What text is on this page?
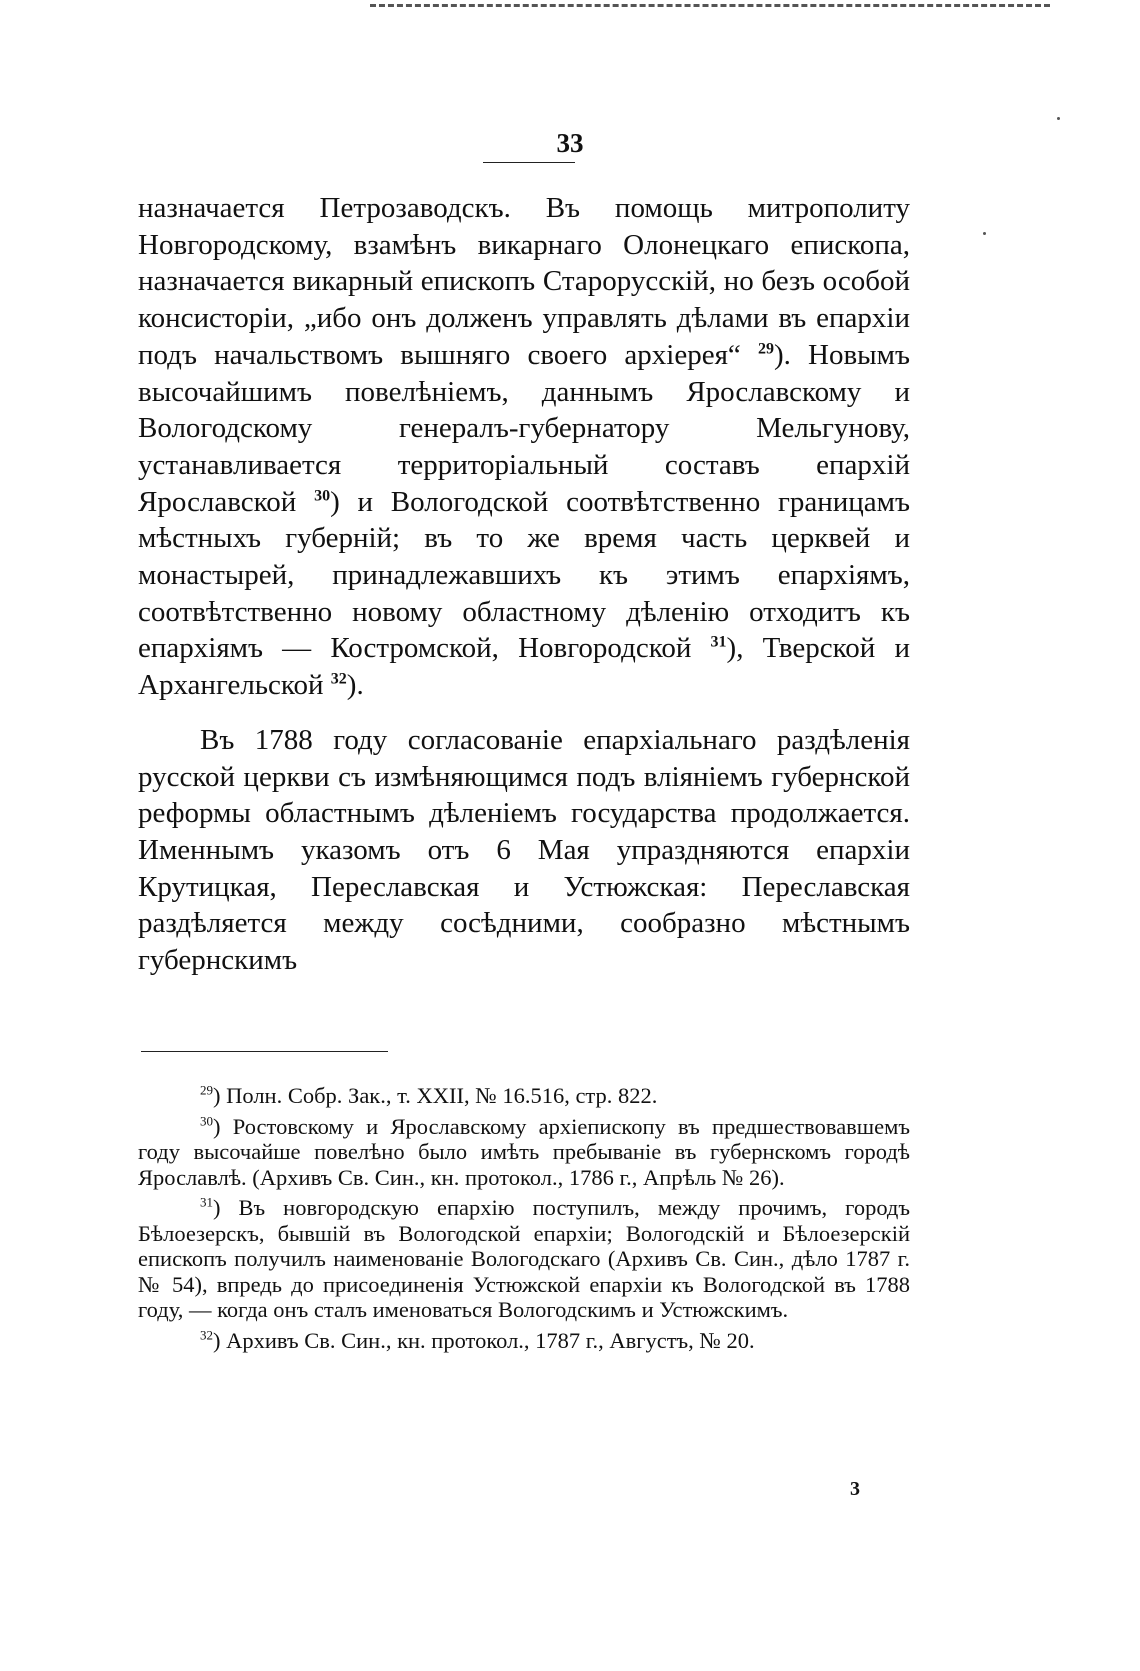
33

назначается Петрозаводскъ. Въ помощь митрополиту Новгородскому, взамѣнъ викарнаго Олонецкаго епископа, назначается викарный епископъ Старорусскій, но безъ особой консисторіи, „ибо онъ долженъ управлять дѣлами въ епархіи подъ начальствомъ вышняго своего архіерея“ $^{29}$). Новымъ высочайшимъ повелѣніемъ, даннымъ Ярославскому и Вологодскому генералъ-губернатору Мельгунову, устанавливается территоріальный составъ епархій Ярославской $^{30}$) и Вологодской соотвѣтственно границамъ мѣстныхъ губерній; въ то же время часть церквей и монастырей, принадлежавшихъ къ этимъ епархіямъ, соотвѣтственно новому областному дѣленію отходитъ къ епархіямъ — Костромской, Новгородской $^{31}$), Тверской и Архангельской $^{32}$).

Въ 1788 году согласованіе епархіальнаго раздѣленія русской церкви съ измѣняющимся подъ вліяніемъ губернской реформы областнымъ дѣленіемъ государства продолжается. Именнымъ указомъ отъ 6 Мая упраздняются епархіи Крутицкая, Переславская и Устюжская: Переславская раздѣляется между сосѣдними, сообразно мѣстнымъ губернскимъ

$^{29}$) Полн. Собр. Зак., т. XXII, № 16.516, стр. 822.

$^{30}$) Ростовскому и Ярославскому архіепископу въ предшествовавшемъ году высочайше повелѣно было имѣть пребываніе въ губернскомъ городѣ Ярославлѣ. (Архивъ Св. Син., кн. протокол., 1786 г., Апрѣль № 26).

$^{31}$) Въ новгородскую епархію поступилъ, между прочимъ, городъ Бѣлоезерскъ, бывшій въ Вологодской епархіи; Вологодскій и Бѣлоезерскій епископъ получилъ наименованіе Вологодскаго (Архивъ Св. Син., дѣло 1787 г. № 54), впредь до присоединенія Устюжской епархіи къ Вологодской въ 1788 году, — когда онъ сталъ именоваться Вологодскимъ и Устюжскимъ.

$^{32}$) Архивъ Св. Син., кн. протокол., 1787 г., Августъ, № 20.

3
